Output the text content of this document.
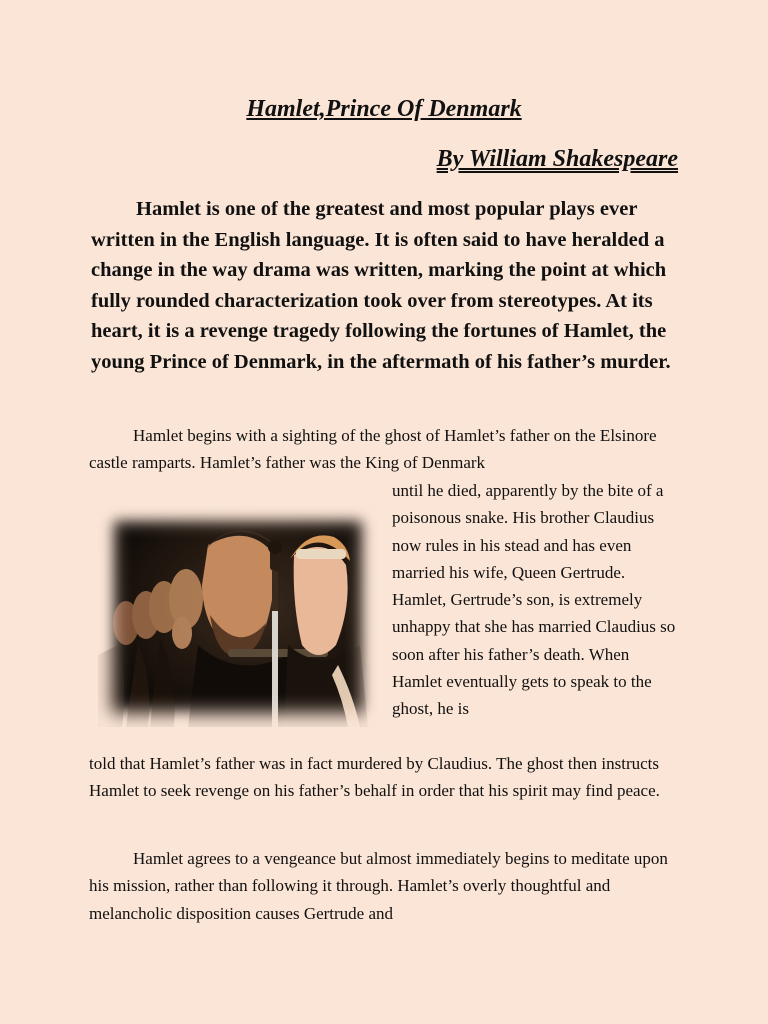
Hamlet,Prince Of Denmark
By William Shakespeare

Hamlet is one of the greatest and most popular plays ever written in the English language. It is often said to have heralded a change in the way drama was written, marking the point at which fully rounded characterization took over from stereotypes. At its heart, it is a revenge tragedy following the fortunes of Hamlet, the young Prince of Denmark, in the aftermath of his father’s murder.

Hamlet begins with a sighting of the ghost of Hamlet’s father on the Elsinore castle ramparts. Hamlet’s father was the King of Denmark

until he died, apparently by the bite of a poisonous snake. His brother Claudius now rules in his stead and has even married his wife, Queen Gertrude. Hamlet, Gertrude’s son, is extremely unhappy that she has married Claudius so soon after his father’s death. When Hamlet eventually gets to speak to the ghost, he is

told that Hamlet’s father was in fact murdered by Claudius. The ghost then instructs Hamlet to seek revenge on his father’s behalf in order that his spirit may find peace.

Hamlet agrees to a vengeance but almost immediately begins to meditate upon his mission, rather than following it through. Hamlet’s overly thoughtful and melancholic disposition causes Gertrude and
